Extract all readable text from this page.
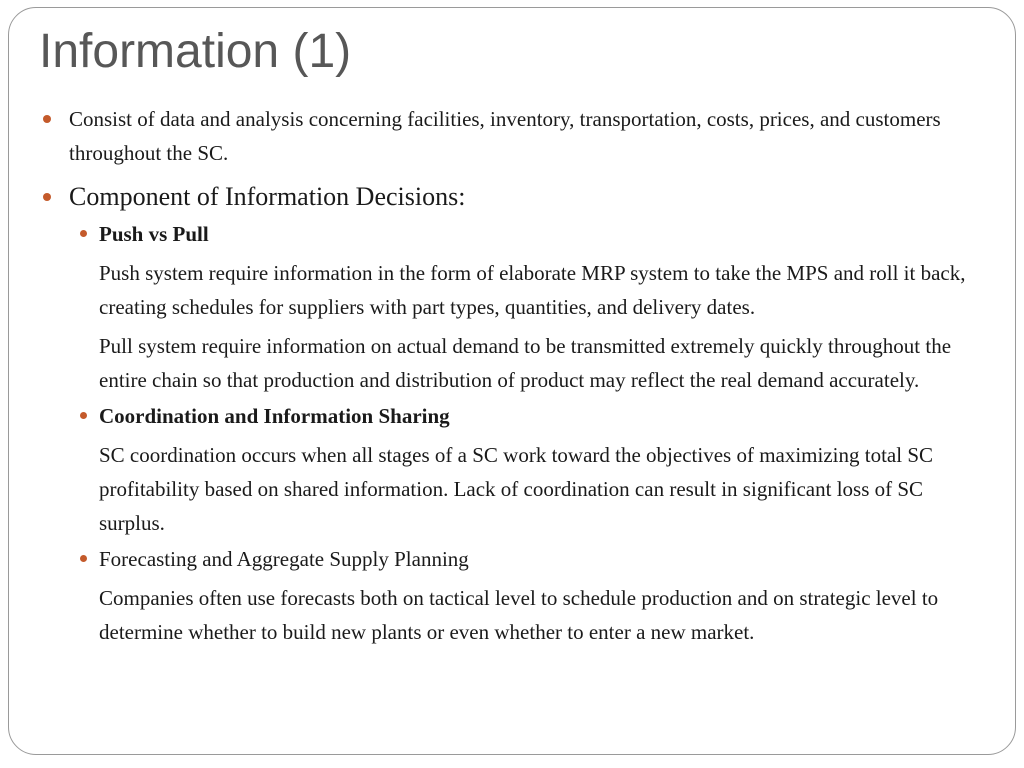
Information (1)
Consist of data and analysis concerning facilities, inventory, transportation, costs, prices, and customers throughout the SC.
Component of Information Decisions:
Push vs Pull
Push system require information in the form of elaborate MRP system to take the MPS and roll it back, creating schedules for suppliers with part types, quantities, and delivery dates.
Pull system require information on actual demand to be transmitted extremely quickly throughout the entire chain so that production and distribution of product may reflect the real demand accurately.
Coordination and Information Sharing
SC coordination occurs when all stages of a SC work toward the objectives of maximizing total SC profitability based on shared information. Lack of coordination can result in significant loss of SC surplus.
Forecasting and Aggregate Supply Planning
Companies often use forecasts both on tactical level to schedule production and on strategic level to determine whether to build new plants or even whether to enter a new market.
